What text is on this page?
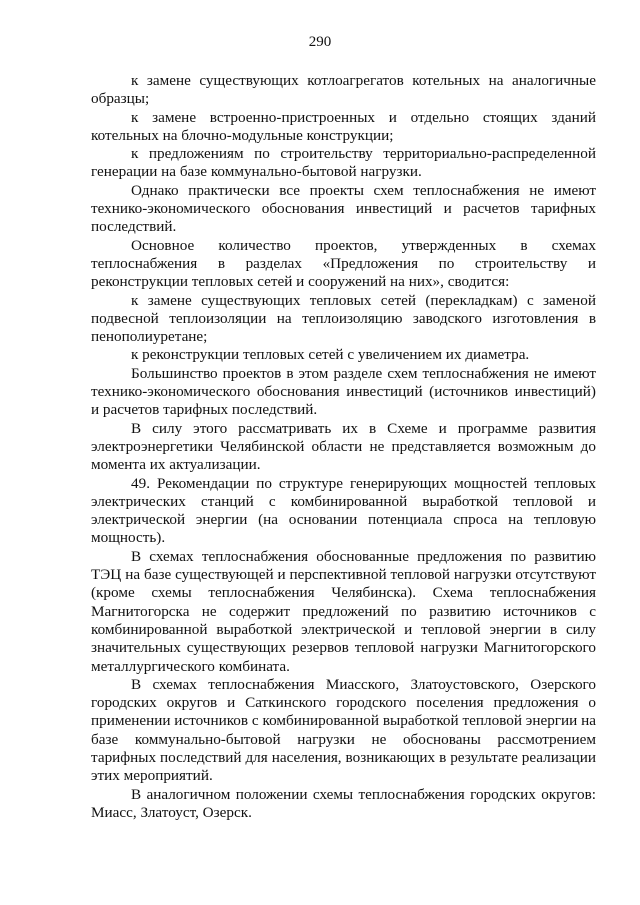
290

к замене существующих котлоагрегатов котельных на аналогичные образцы;

к замене встроенно-пристроенных и отдельно стоящих зданий котельных на блочно-модульные конструкции;

к предложениям по строительству территориально-распределенной генерации на базе коммунально-бытовой нагрузки.

Однако практически все проекты схем теплоснабжения не имеют технико-экономического обоснования инвестиций и расчетов тарифных последствий.

Основное количество проектов, утвержденных в схемах теплоснабжения в разделах «Предложения по строительству и реконструкции тепловых сетей и сооружений на них», сводится:

к замене существующих тепловых сетей (перекладкам) с заменой подвесной теплоизоляции на теплоизоляцию заводского изготовления в пенополиуретане;

к реконструкции тепловых сетей с увеличением их диаметра.

Большинство проектов в этом разделе схем теплоснабжения не имеют технико-экономического обоснования инвестиций (источников инвестиций) и расчетов тарифных последствий.

В силу этого рассматривать их в Схеме и программе развития электроэнергетики Челябинской области не представляется возможным до момента их актуализации.

49. Рекомендации по структуре генерирующих мощностей тепловых электрических станций с комбинированной выработкой тепловой и электрической энергии (на основании потенциала спроса на тепловую мощность).

В схемах теплоснабжения обоснованные предложения по развитию ТЭЦ на базе существующей и перспективной тепловой нагрузки отсутствуют (кроме схемы теплоснабжения Челябинска). Схема теплоснабжения Магнитогорска не содержит предложений по развитию источников с комбинированной выработкой электрической и тепловой энергии в силу значительных существующих резервов тепловой нагрузки Магнитогорского металлургического комбината.

В схемах теплоснабжения Миасского, Златоустовского, Озерского городских округов и Саткинского городского поселения предложения о применении источников с комбинированной выработкой тепловой энергии на базе коммунально-бытовой нагрузки не обоснованы рассмотрением тарифных последствий для населения, возникающих в результате реализации этих мероприятий.

В аналогичном положении схемы теплоснабжения городских округов: Миасс, Златоуст, Озерск.
